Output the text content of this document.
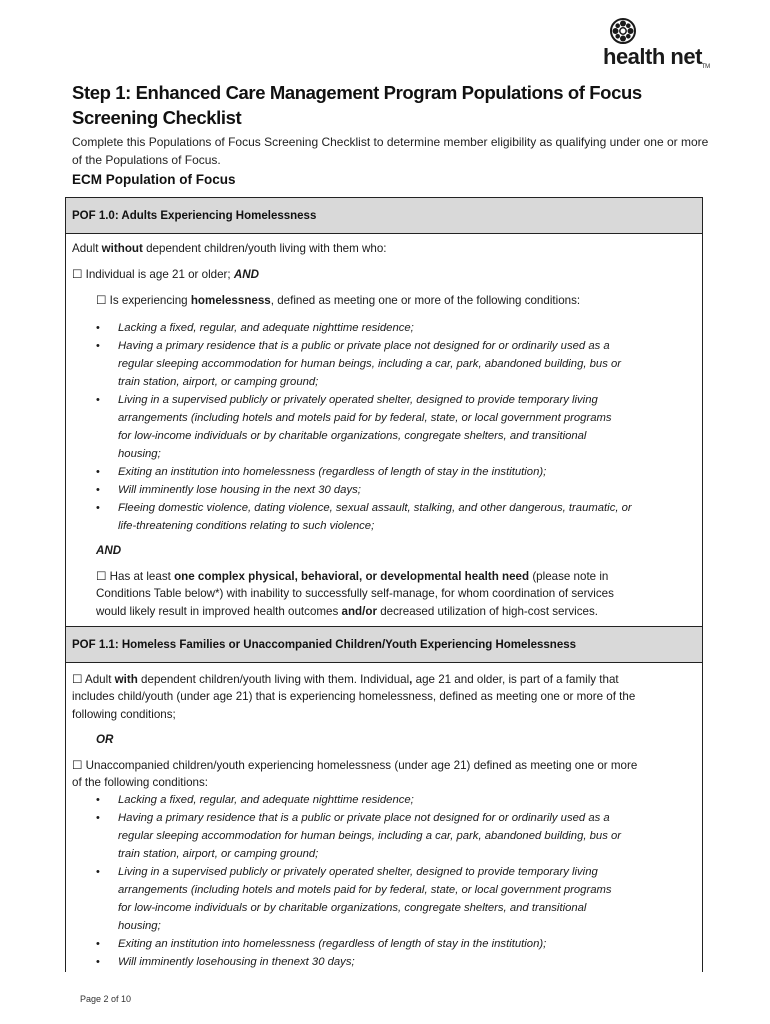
health netTM
Step 1: Enhanced Care Management Program Populations of Focus Screening Checklist
Complete this Populations of Focus Screening Checklist to determine member eligibility as qualifying under one or more of the Populations of Focus.
ECM Population of Focus
POF 1.0: Adults Experiencing Homelessness
Adult without dependent children/youth living with them who:
☐ Individual is age 21 or older; AND
☐ Is experiencing homelessness, defined as meeting one or more of the following conditions:
• Lacking a fixed, regular, and adequate nighttime residence;
• Having a primary residence that is a public or private place not designed for or ordinarily used as a
regular sleeping accommodation for human beings, including a car, park, abandoned building, bus or
train station, airport, or camping ground;
• Living in a supervised publicly or privately operated shelter, designed to provide temporary living
arrangements (including hotels and motels paid for by federal, state, or local government programs
for low-income individuals or by charitable organizations, congregate shelters, and transitional
housing;
• Exiting an institution into homelessness (regardless of length of stay in the institution);
• Will imminently lose housing in the next 30 days;
• Fleeing domestic violence, dating violence, sexual assault, stalking, and other dangerous, traumatic, or
life-threatening conditions relating to such violence;
AND
☐ Has at least one complex physical, behavioral, or developmental health need (please note in
Conditions Table below*) with inability to successfully self-manage, for whom coordination of services
would likely result in improved health outcomes and/or decreased utilization of high-cost services.
POF 1.1: Homeless Families or Unaccompanied Children/Youth Experiencing Homelessness
☐ Adult with dependent children/youth living with them. Individual, age 21 and older, is part of a family that
includes child/youth (under age 21) that is experiencing homelessness, defined as meeting one or more of the
following conditions;
OR
☐ Unaccompanied children/youth experiencing homelessness (under age 21) defined as meeting one or more
of the following conditions:
• Lacking a fixed, regular, and adequate nighttime residence;
• Having a primary residence that is a public or private place not designed for or ordinarily used as a
regular sleeping accommodation for human beings, including a car, park, abandoned building, bus or
train station, airport, or camping ground;
• Living in a supervised publicly or privately operated shelter, designed to provide temporary living
arrangements (including hotels and motels paid for by federal, state, or local government programs
for low-income individuals or by charitable organizations, congregate shelters, and transitional
housing;
• Exiting an institution into homelessness (regardless of length of stay in the institution);
• Will imminently losehousing in thenext 30 days;
Page 2 of 10
